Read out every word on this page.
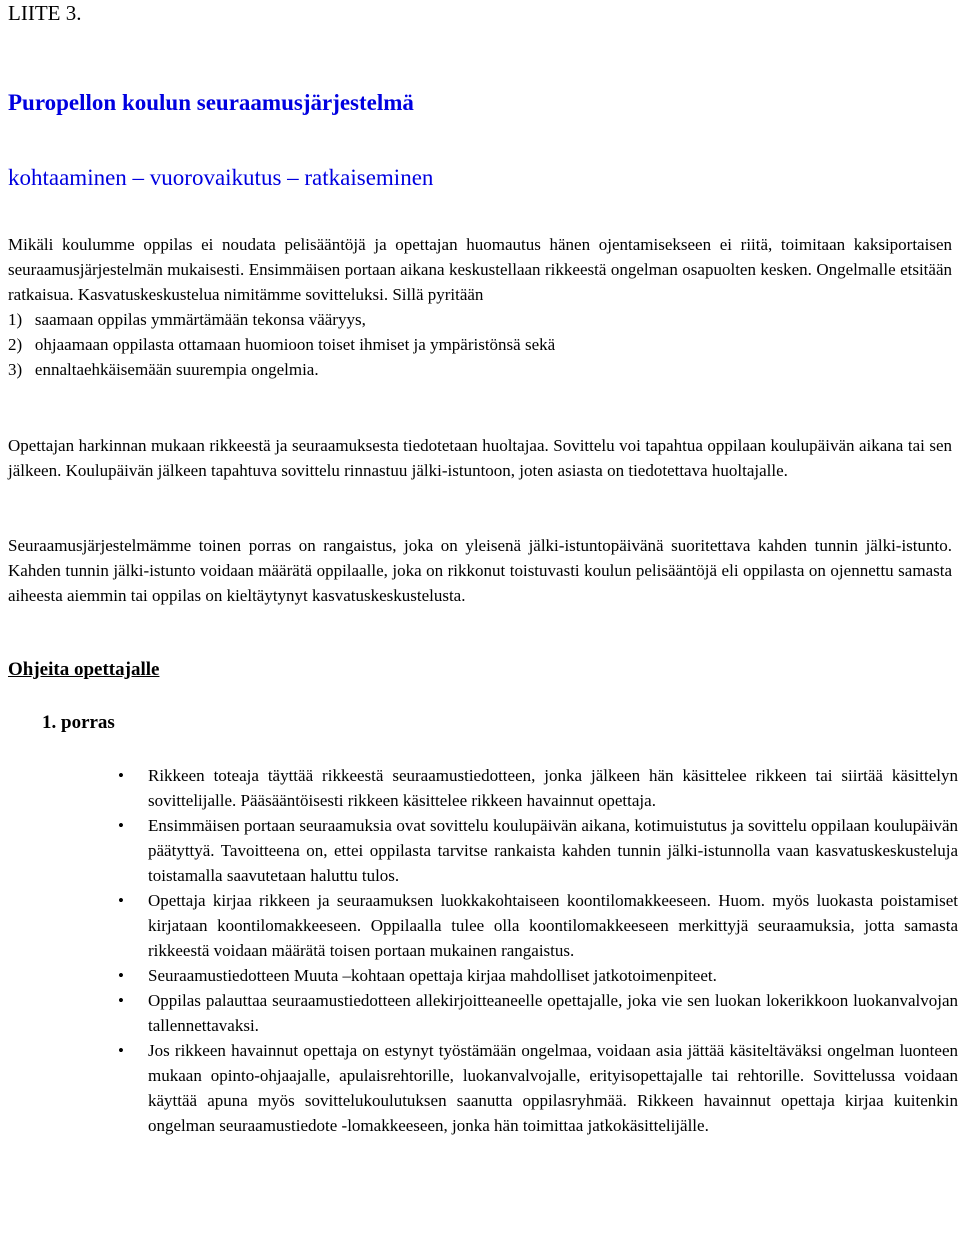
LIITE 3.
Puropellon koulun seuraamusjärjestelmä
kohtaaminen – vuorovaikutus – ratkaiseminen
Mikäli koulumme oppilas ei noudata pelisääntöjä ja opettajan huomautus hänen ojentamisekseen ei riitä, toimitaan kaksiportaisen seuraamusjärjestelmän mukaisesti. Ensimmäisen portaan aikana keskustellaan rikkeestä ongelman osapuolten kesken. Ongelmalle etsitään ratkaisua. Kasvatuskeskustelua nimitämme sovitteluksi. Sillä pyritään
1)   saamaan oppilas ymmärtämään tekonsa vääryys,
2)   ohjaamaan oppilasta ottamaan huomioon toiset ihmiset ja ympäristönsä sekä
3)   ennaltaehkäisemään suurempia ongelmia.

Opettajan harkinnan mukaan rikkeestä ja seuraamuksesta tiedotetaan huoltajaa. Sovittelu voi tapahtua oppilaan koulupäivän aikana tai sen jälkeen. Koulupäivän jälkeen tapahtuva sovittelu rinnastuu jälki-istuntoon, joten asiasta on tiedotettava huoltajalle.

Seuraamusjärjestelmämme toinen porras on rangaistus, joka on yleisenä jälki-istuntopäivänä suoritettava kahden tunnin jälki-istunto. Kahden tunnin jälki-istunto voidaan määrätä oppilaalle, joka on rikkonut toistuvasti koulun pelisääntöjä eli oppilasta on ojennettu samasta aiheesta aiemmin tai oppilas on kieltäytynyt kasvatuskeskustelusta.

Ohjeita opettajalle
1. porras
• Rikkeen toteaja täyttää rikkeestä seuraamustiedotteen, jonka jälkeen hän käsittelee rikkeen tai siirtää käsittelyn sovittelijalle. Pääsääntöisesti rikkeen käsittelee rikkeen havainnut opettaja.
• Ensimmäisen portaan seuraamuksia ovat sovittelu koulupäivän aikana, kotimuistutus ja sovittelu oppilaan koulupäivän päätyttyä. Tavoitteena on, ettei oppilasta tarvitse rankaista kahden tunnin jälki-istunnolla vaan kasvatuskeskusteluja toistamalla saavutetaan haluttu tulos.
• Opettaja kirjaa rikkeen ja seuraamuksen luokkakohtaiseen koontilomakkeeseen. Huom. myös luokasta poistamiset kirjataan koontilomakkeeseen. Oppilaalla tulee olla koontilomakkeeseen merkittyjä seuraamuksia, jotta samasta rikkeestä voidaan määrätä toisen portaan mukainen rangaistus.
• Seuraamustiedotteen Muuta –kohtaan opettaja kirjaa mahdolliset jatkotoimenpiteet.
• Oppilas palauttaa seuraamustiedotteen allekirjoitteaneelle opettajalle, joka vie sen luokan lokerikkoon luokanvalvojan tallennettavaksi.
• Jos rikkeen havainnut opettaja on estynyt työstämään ongelmaa, voidaan asia jättää käsiteltäväksi ongelman luonteen mukaan opinto-ohjaajalle, apulaisrehtorille, luokanvalvojalle, erityisopettajalle tai rehtorille. Sovittelussa voidaan käyttää apuna myös sovittelukoulutuksen saanutta oppilasryhmää. Rikkeen havainnut opettaja kirjaa kuitenkin ongelman seuraamustiedote -lomakkeeseen, jonka hän toimittaa jatkokäsittelijälle.
